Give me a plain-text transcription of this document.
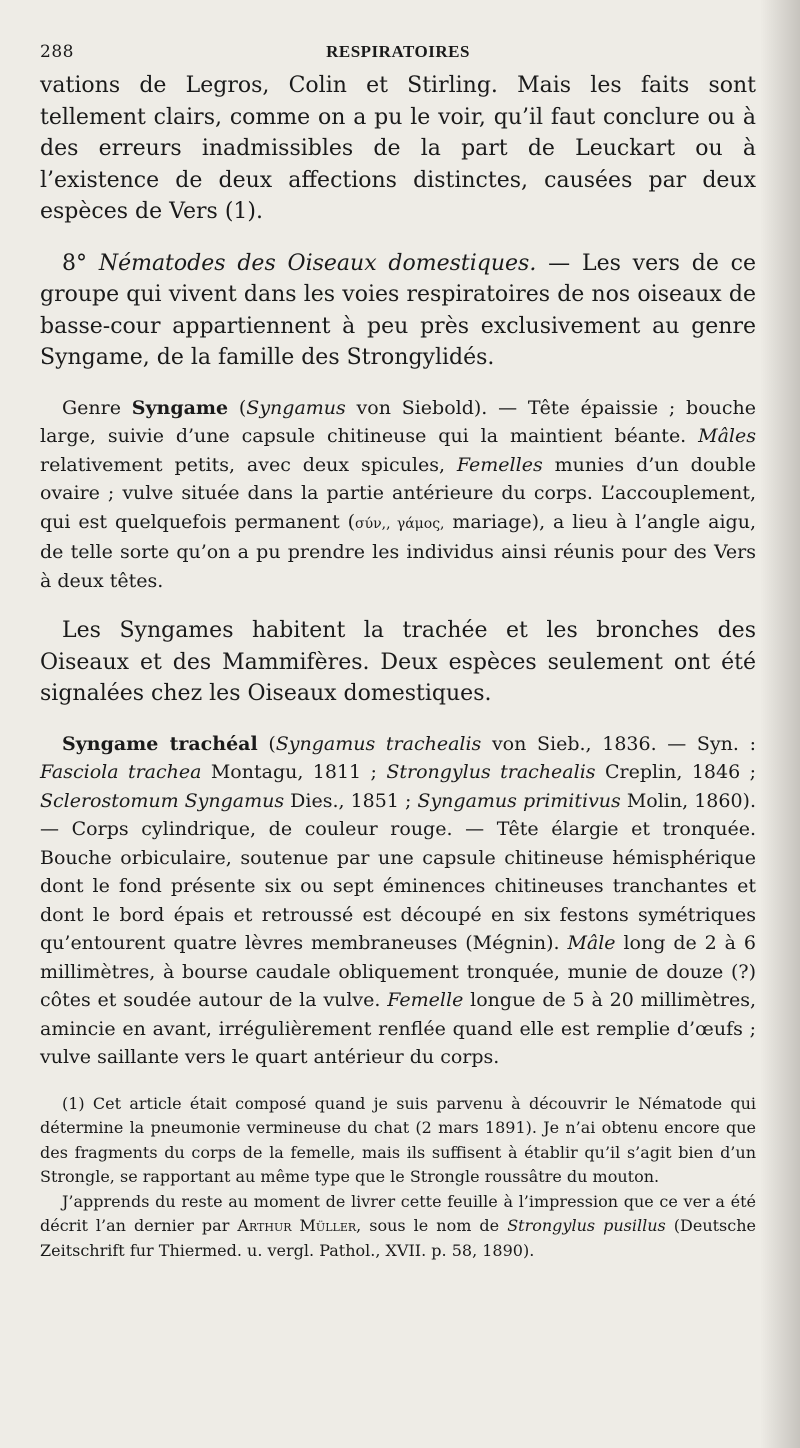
288	RESPIRATOIRES

vations de Legros, Colin et Stirling. Mais les faits sont tellement clairs, comme on a pu le voir, qu’il faut conclure ou à des erreurs inadmissibles de la part de Leuckart ou à l’existence de deux affections distinctes, causées par deux espèces de Vers (1).

8° Nématodes des Oiseaux domestiques. — Les vers de ce groupe qui vivent dans les voies respiratoires de nos oiseaux de basse-cour appartiennent à peu près exclusivement au genre Syngame, de la famille des Strongylidés.

Genre Syngame (Syngamus von Siebold). — Tête épaissie ; bouche large, suivie d’une capsule chitineuse qui la maintient béante. Mâles relativement petits, avec deux spicules, Femelles munies d’un double ovaire ; vulve située dans la partie antérieure du corps. L’accouplement, qui est quelquefois permanent (σύν,, γάμος, mariage), a lieu à l’angle aigu, de telle sorte qu’on a pu prendre les individus ainsi réunis pour des Vers à deux têtes.

Les Syngames habitent la trachée et les bronches des Oiseaux et des Mammifères. Deux espèces seulement ont été signalées chez les Oiseaux domestiques.

Syngame trachéal (Syngamus trachealis von Sieb., 1836. — Syn. : Fasciola trachea Montagu, 1811 ; Strongylus trachealis Creplin, 1846 ; Sclerostomum Syngamus Dies., 1851 ; Syngamus primitivus Molin, 1860). — Corps cylindrique, de couleur rouge. — Tête élargie et tronquée. Bouche orbiculaire, soutenue par une capsule chitineuse hémisphérique dont le fond présente six ou sept éminences chitineuses tranchantes et dont le bord épais et retroussé est découpé en six festons symétriques qu’entourent quatre lèvres membraneuses (Mégnin). Mâle long de 2 à 6 millimètres, à bourse caudale obliquement tronquée, munie de douze (?) côtes et soudée autour de la vulve. Femelle longue de 5 à 20 millimètres, amincie en avant, irrégulièrement renflée quand elle est remplie d’œufs ; vulve saillante vers le quart antérieur du corps.

(1) Cet article était composé quand je suis parvenu à découvrir le Nématode qui détermine la pneumonie vermineuse du chat (2 mars 1891). Je n’ai obtenu encore que des fragments du corps de la femelle, mais ils suffisent à établir qu’il s’agit bien d’un Strongle, se rapportant au même type que le Strongle roussâtre du mouton.

J’apprends du reste au moment de livrer cette feuille à l’impression que ce ver a été décrit l’an dernier par Arthur Müller, sous le nom de Strongylus pusillus (Deutsche Zeitschrift fur Thiermed. u. vergl. Pathol., XVII. p. 58, 1890).
